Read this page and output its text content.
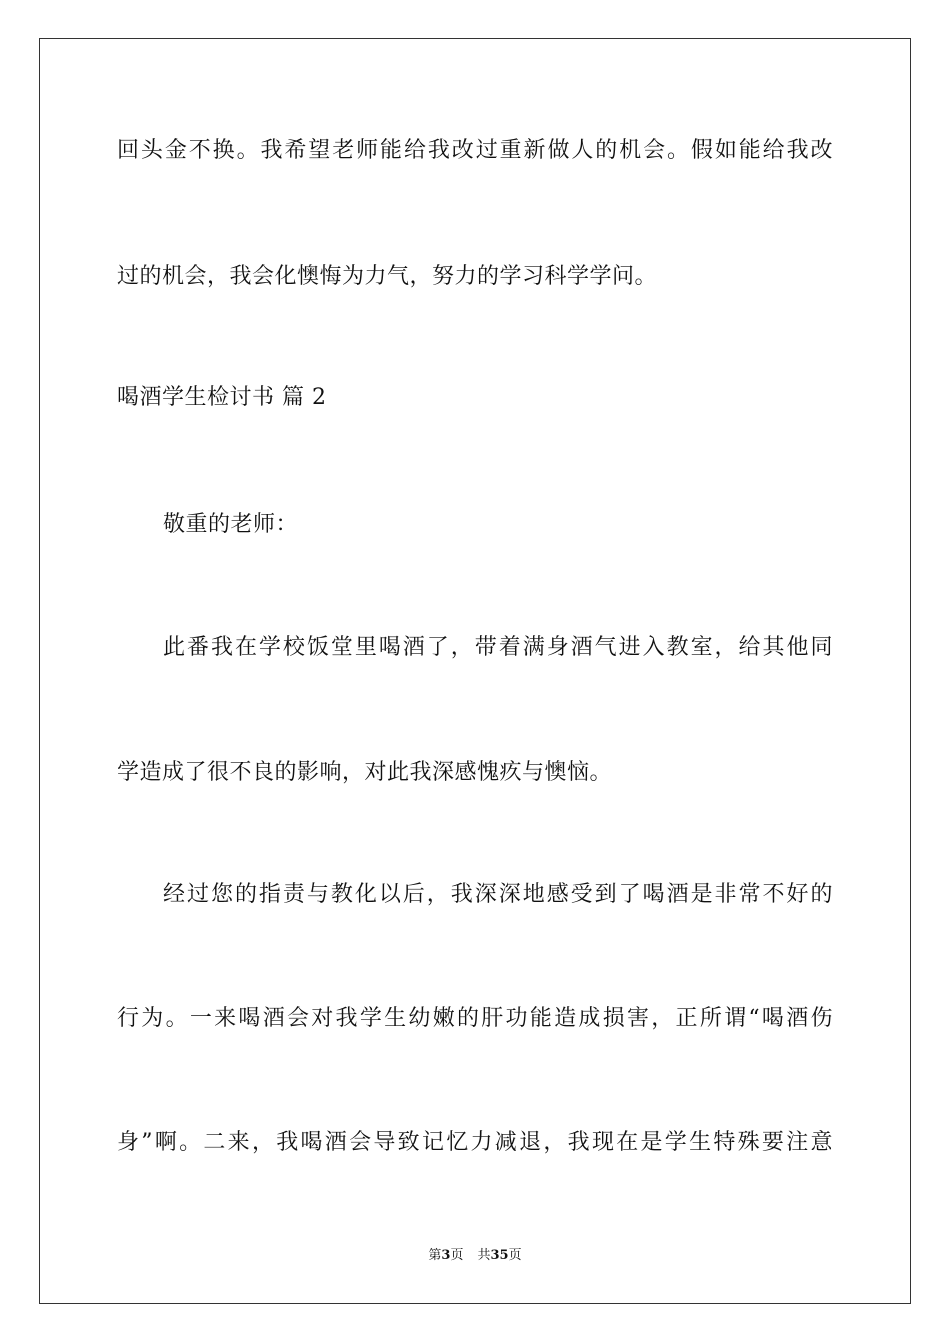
回头金不换。我希望老师能给我改过重新做人的机会。假如能给我改
过的机会，我会化懊悔为力气，努力的学习科学学问。
喝酒学生检讨书 篇 2
敬重的老师：
此番我在学校饭堂里喝酒了，带着满身酒气进入教室，给其他同
学造成了很不良的影响，对此我深感愧疚与懊恼。
经过您的指责与教化以后，我深深地感受到了喝酒是非常不好的
行为。一来喝酒会对我学生幼嫩的肝功能造成损害，正所谓“喝酒伤
身”啊。二来，我喝酒会导致记忆力减退，我现在是学生特殊要注意
第3页 共35页
